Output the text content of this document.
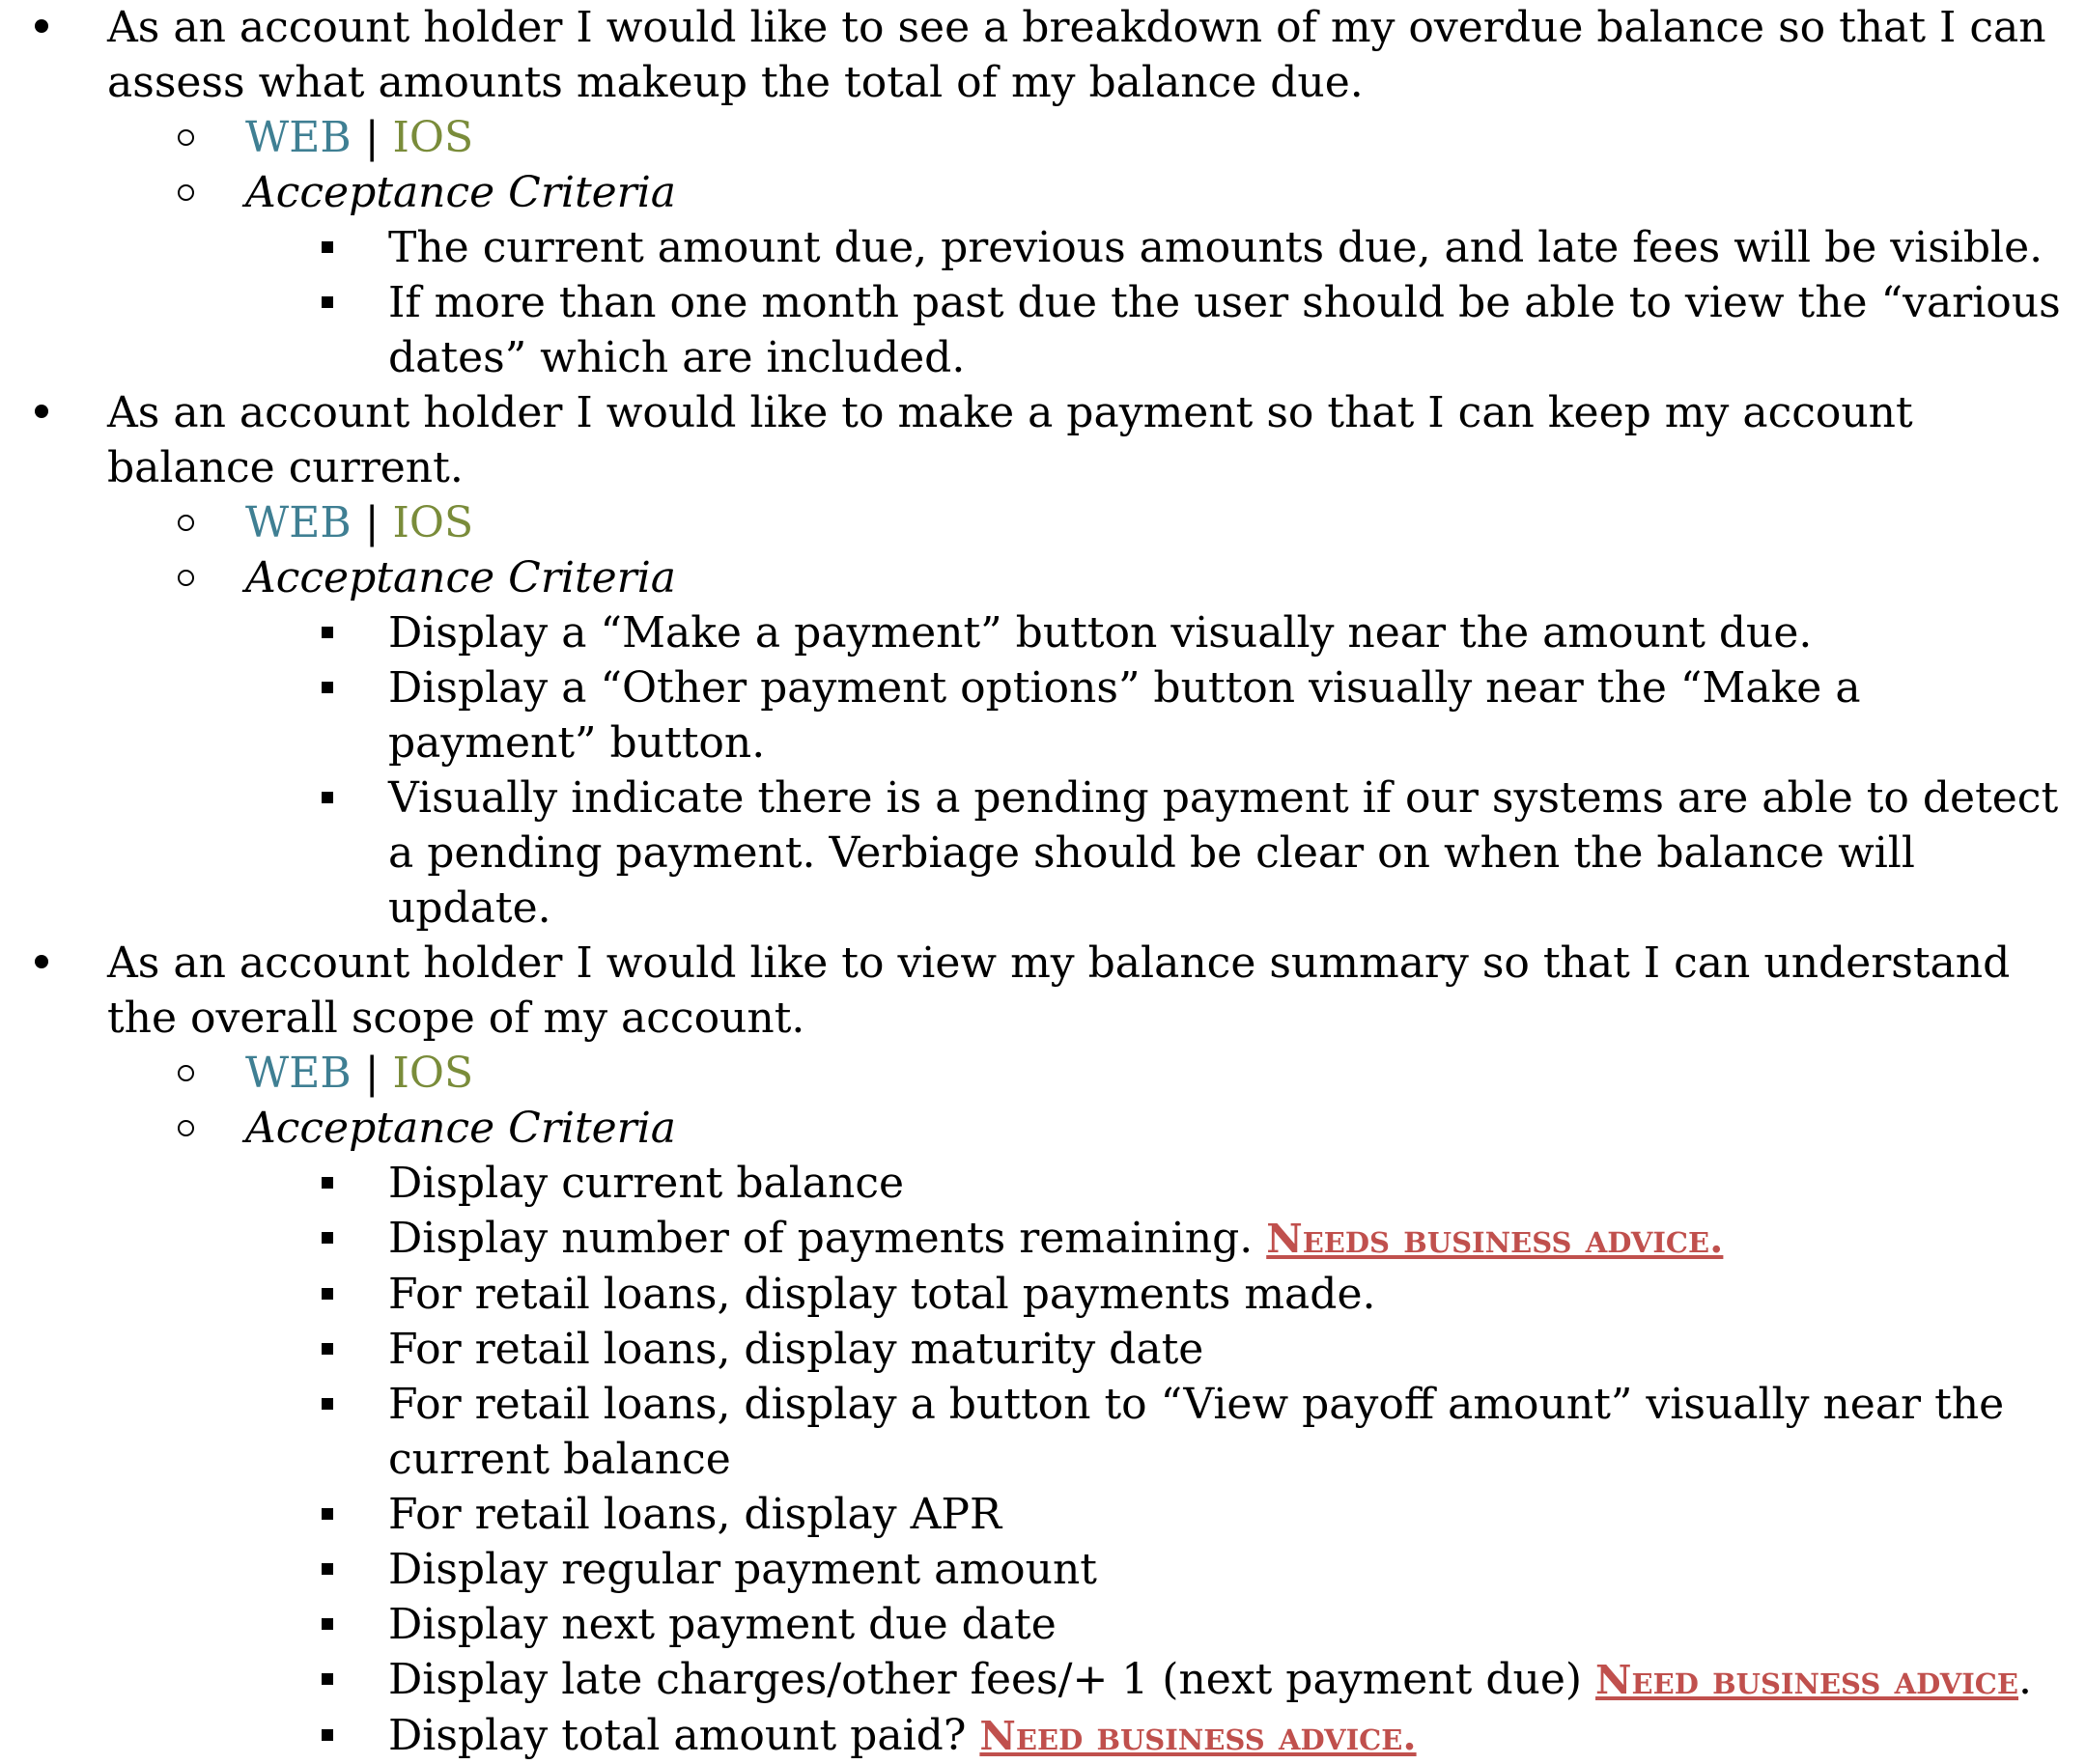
As an account holder I would like to see a breakdown of my overdue balance so that I can assess what amounts makeup the total of my balance due.
WEB | IOS
Acceptance Criteria
The current amount due, previous amounts due, and late fees will be visible.
If more than one month past due the user should be able to view the “various dates” which are included.
As an account holder I would like to make a payment so that I can keep my account balance current.
WEB | IOS
Acceptance Criteria
Display a “Make a payment” button visually near the amount due.
Display a “Other payment options” button visually near the “Make a payment” button.
Visually indicate there is a pending payment if our systems are able to detect a pending payment. Verbiage should be clear on when the balance will update.
As an account holder I would like to view my balance summary so that I can understand the overall scope of my account.
WEB | IOS
Acceptance Criteria
Display current balance
Display number of payments remaining. Needs business advice.
For retail loans, display total payments made.
For retail loans, display maturity date
For retail loans, display a button to “View payoff amount” visually near the current balance
For retail loans, display APR
Display regular payment amount
Display next payment due date
Display late charges/other fees/+ 1 (next payment due) Need business advice.
Display total amount paid? Need business advice.
